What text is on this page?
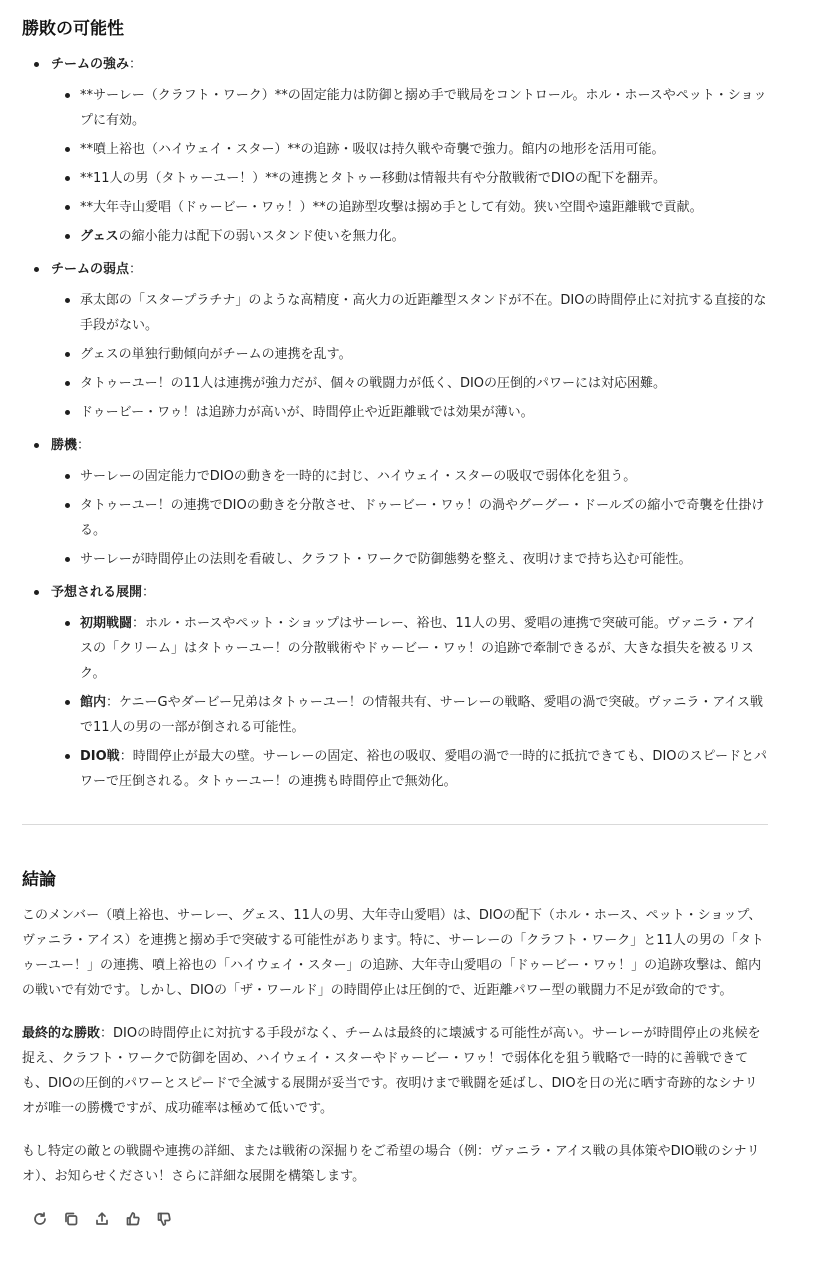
勝敗の可能性
チームの強み：
**サーレー（クラフト・ワーク）**の固定能力は防御と搦め手で戦局をコントロール。ホル・ホースやペット・ショップに有効。
**噴上裕也（ハイウェイ・スター）**の追跡・吸収は持久戦や奇襲で強力。館内の地形を活用可能。
**11人の男（タトゥーユー！）**の連携とタトゥー移動は情報共有や分散戦術でDIOの配下を翻弄。
**大年寺山愛唱（ドゥービー・ワゥ！）**の追跡型攻撃は搦め手として有効。狭い空間や遠距離戦で貢献。
グェスの縮小能力は配下の弱いスタンド使いを無力化。
チームの弱点：
承太郎の「スタープラチナ」のような高精度・高火力の近距離型スタンドが不在。DIOの時間停止に対抗する直接的な手段がない。
グェスの単独行動傾向がチームの連携を乱す。
タトゥーユー！の11人は連携が強力だが、個々の戦闘力が低く、DIOの圧倒的パワーには対応困難。
ドゥービー・ワゥ！は追跡力が高いが、時間停止や近距離戦では効果が薄い。
勝機：
サーレーの固定能力でDIOの動きを一時的に封じ、ハイウェイ・スターの吸収で弱体化を狙う。
タトゥーユー！の連携でDIOの動きを分散させ、ドゥービー・ワゥ！の渦やグーグー・ドールズの縮小で奇襲を仕掛ける。
サーレーが時間停止の法則を看破し、クラフト・ワークで防御態勢を整え、夜明けまで持ち込む可能性。
予想される展開：
初期戦闘：ホル・ホースやペット・ショップはサーレー、裕也、11人の男、愛唱の連携で突破可能。ヴァニラ・アイスの「クリーム」はタトゥーユー！の分散戦術やドゥービー・ワゥ！の追跡で牽制できるが、大きな損失を被るリスク。
館内：ケニーGやダービー兄弟はタトゥーユー！の情報共有、サーレーの戦略、愛唱の渦で突破。ヴァニラ・アイス戦で11人の男の一部が倒される可能性。
DIO戦：時間停止が最大の壁。サーレーの固定、裕也の吸収、愛唱の渦で一時的に抵抗できても、DIOのスピードとパワーで圧倒される。タトゥーユー！の連携も時間停止で無効化。
結論

このメンバー（噴上裕也、サーレー、グェス、11人の男、大年寺山愛唱）は、DIOの配下（ホル・ホース、ペット・ショップ、ヴァニラ・アイス）を連携と搦め手で突破する可能性があります。特に、サーレーの「クラフト・ワーク」と11人の男の「タトゥーユー！」の連携、噴上裕也の「ハイウェイ・スター」の追跡、大年寺山愛唱の「ドゥービー・ワゥ！」の追跡攻撃は、館内の戦いで有効です。しかし、DIOの「ザ・ワールド」の時間停止は圧倒的で、近距離パワー型の戦闘力不足が致命的です。

最終的な勝敗：DIOの時間停止に対抗する手段がなく、チームは最終的に壊滅する可能性が高い。サーレーが時間停止の兆候を捉え、クラフト・ワークで防御を固め、ハイウェイ・スターやドゥービー・ワゥ！で弱体化を狙う戦略で一時的に善戦できても、DIOの圧倒的パワーとスピードで全滅する展開が妥当です。夜明けまで戦闘を延ばし、DIOを日の光に晒す奇跡的なシナリオが唯一の勝機ですが、成功確率は極めて低いです。

もし特定の敵との戦闘や連携の詳細、または戦術の深掘りをご希望の場合（例：ヴァニラ・アイス戦の具体策やDIO戦のシナリオ）、お知らせください！さらに詳細な展開を構築します。
